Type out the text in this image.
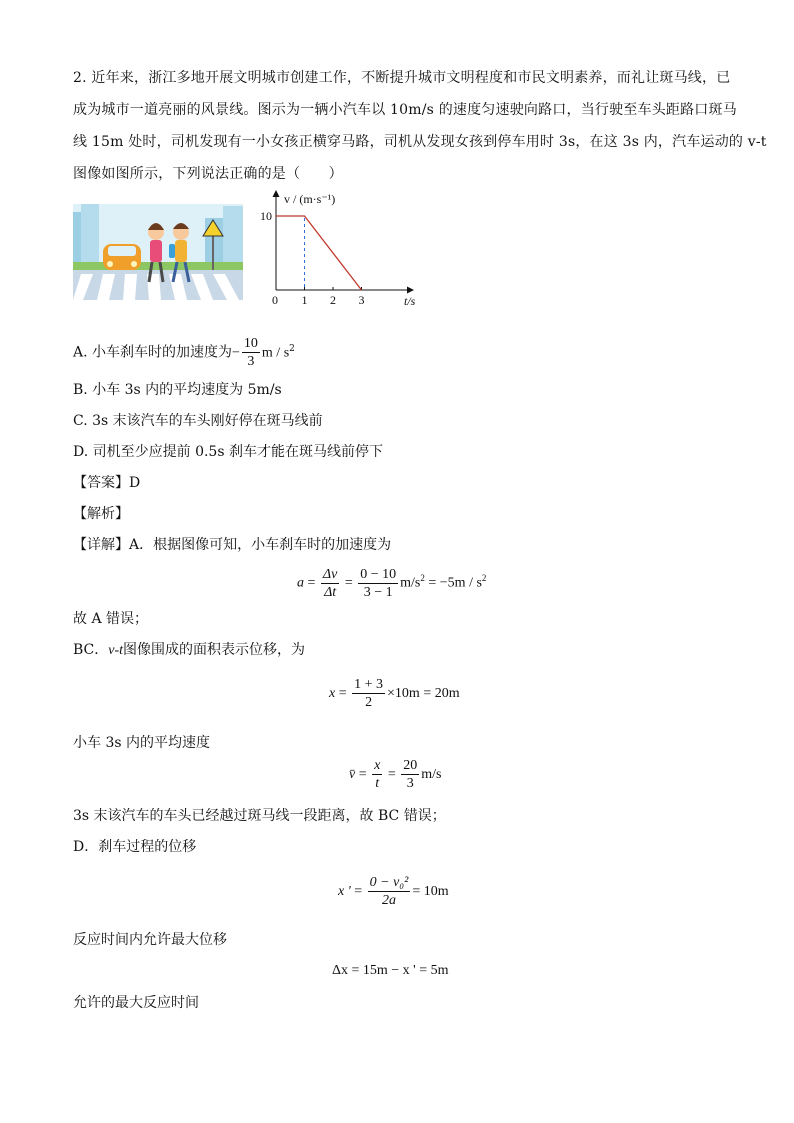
2. 近年来，浙江多地开展文明城市创建工作，不断提升城市文明程度和市民文明素养，而礼让斑马线，已
成为城市一道亮丽的风景线。图示为一辆小汽车以 10m/s 的速度匀速驶向路口，当行驶至车头距路口斑马
线 15m 处时，司机发现有一小女孩正横穿马路，司机从发现女孩到停车用时 3s，在这 3s 内，汽车运动的 v-t
图像如图所示，下列说法正确的是（　　）
v / (m·s⁻¹)
t/s
0 1 2 3
10
A. 小车刹车时的加速度为− $\frac{10}{3}$ m / $s^2$
B. 小车 3s 内的平均速度为 5m/s
C. 3s 末该汽车的车头刚好停在斑马线前
D. 司机至少应提前 0.5s 刹车才能在斑马线前停下
【答案】D
【解析】
【详解】A．根据图像可知，小车刹车时的加速度为
$a = \frac{\Delta v}{\Delta t} = \frac{0 - 10}{3 - 1} m/s^2 = -5m / s^2$
故 A 错误；
BC．v-t图像围成的面积表示位移，为
$x = \frac{1 + 3}{2} \times 10m = 20m$
小车 3s 内的平均速度
v̄ = $\frac{x}{t} = \frac{20}{3} m/s$
3s 末该汽车的车头已经越过斑马线一段距离，故 BC 错误；
D．刹车过程的位移
x ' = $\frac{\text{0 − v₀²}}{2a} = 10m$
反应时间内允许最大位移
Δx = 15m − x ' = 5m
允许的最大反应时间
